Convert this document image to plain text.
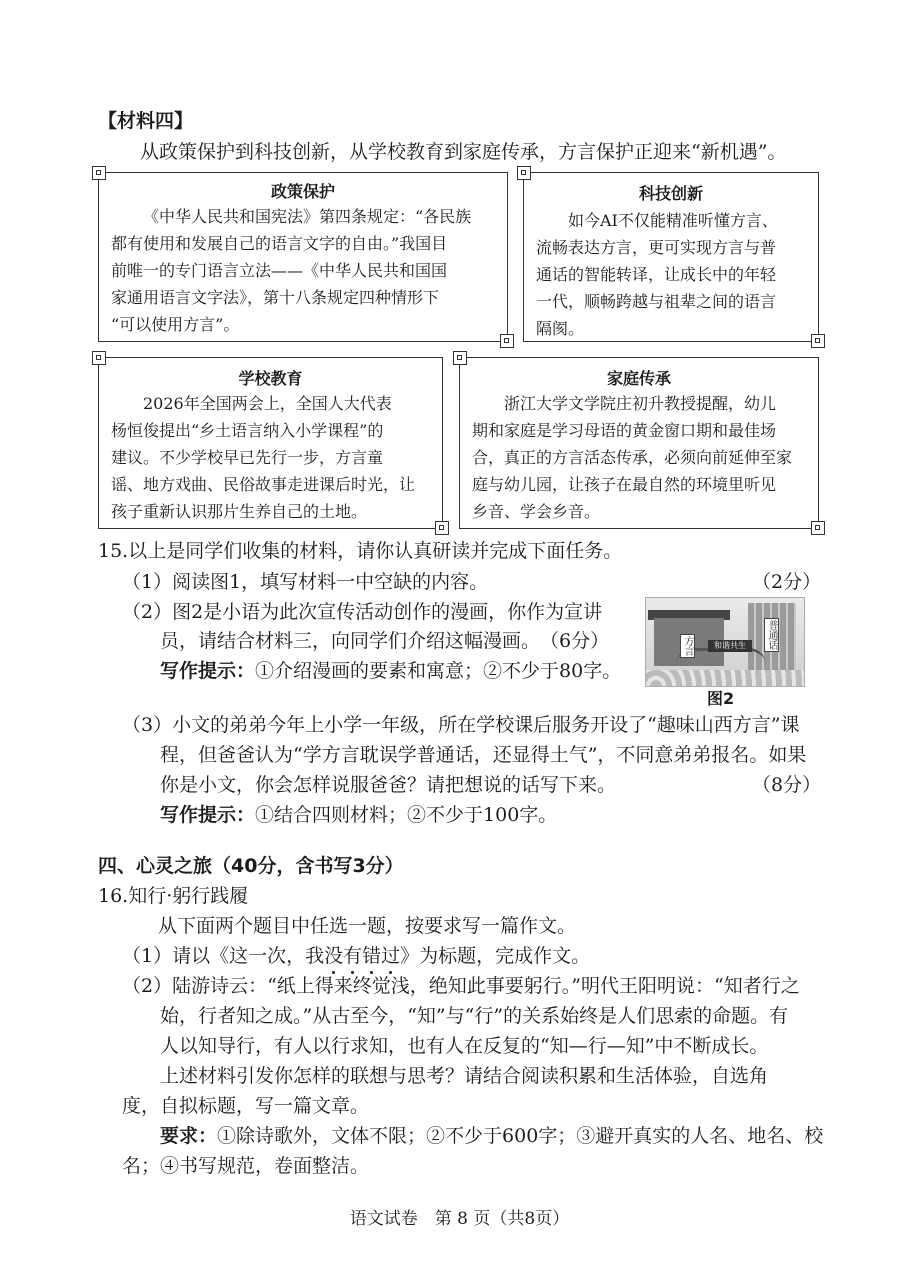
【材料四】
从政策保护到科技创新，从学校教育到家庭传承，方言保护正迎来“新机遇”。
政策保护
《中华人民共和国宪法》第四条规定：“各民族
都有使用和发展自己的语言文字的自由。”我国目
前唯一的专门语言立法——《中华人民共和国国
家通用语言文字法》，第十八条规定四种情形下
“可以使用方言”。
科技创新
如今AI不仅能精准听懂方言、
流畅表达方言，更可实现方言与普
通话的智能转译，让成长中的年轻
一代，顺畅跨越与祖辈之间的语言
隔阂。
学校教育
2026年全国两会上，全国人大代表
杨恒俊提出“乡土语言纳入小学课程”的
建议。不少学校早已先行一步，方言童
谣、地方戏曲、民俗故事走进课后时光，让
孩子重新认识那片生养自己的土地。
家庭传承
浙江大学文学院庄初升教授提醒，幼儿
期和家庭是学习母语的黄金窗口期和最佳场
合，真正的方言活态传承，必须向前延伸至家
庭与幼儿园，让孩子在最自然的环境里听见
乡音、学会乡音。
15.以上是同学们收集的材料，请你认真研读并完成下面任务。
（1）阅读图1，填写材料一中空缺的内容。	（2分）
（2）图2是小语为此次宣传活动创作的漫画，你作为宣讲
员，请结合材料三，向同学们介绍这幅漫画。　（6分）
写作提示：①介绍漫画的要素和寓意；②不少于80字。
和谐共生
方言	普通话
图2
（3）小文的弟弟今年上小学一年级，所在学校课后服务开设了“趣味山西方言”课
程，但爸爸认为“学方言耽误学普通话，还显得土气”，不同意弟弟报名。如果
你是小文，你会怎样说服爸爸？请把想说的话写下来。	（8分）
写作提示：①结合四则材料；②不少于100字。
四、心灵之旅（40分，含书写3分）
16.知行·躬行践履
从下面两个题目中任选一题，按要求写一篇作文。
（1）请以《这一次，我没有错过》为标题，完成作文。
（2）陆游诗云：“纸上得来终觉浅，绝知此事要躬行。”明代王阳明说：“知者行之
始，行者知之成。”从古至今，“知”与“行”的关系始终是人们思索的命题。有
人以知导行，有人以行求知，也有人在反复的“知—行—知”中不断成长。
上述材料引发你怎样的联想与思考？请结合阅读积累和生活体验，自选角
度，自拟标题，写一篇文章。
要求：①除诗歌外，文体不限；②不少于600字；③避开真实的人名、地名、校
名；④书写规范，卷面整洁。
语文试卷　第 8 页（共8页）
